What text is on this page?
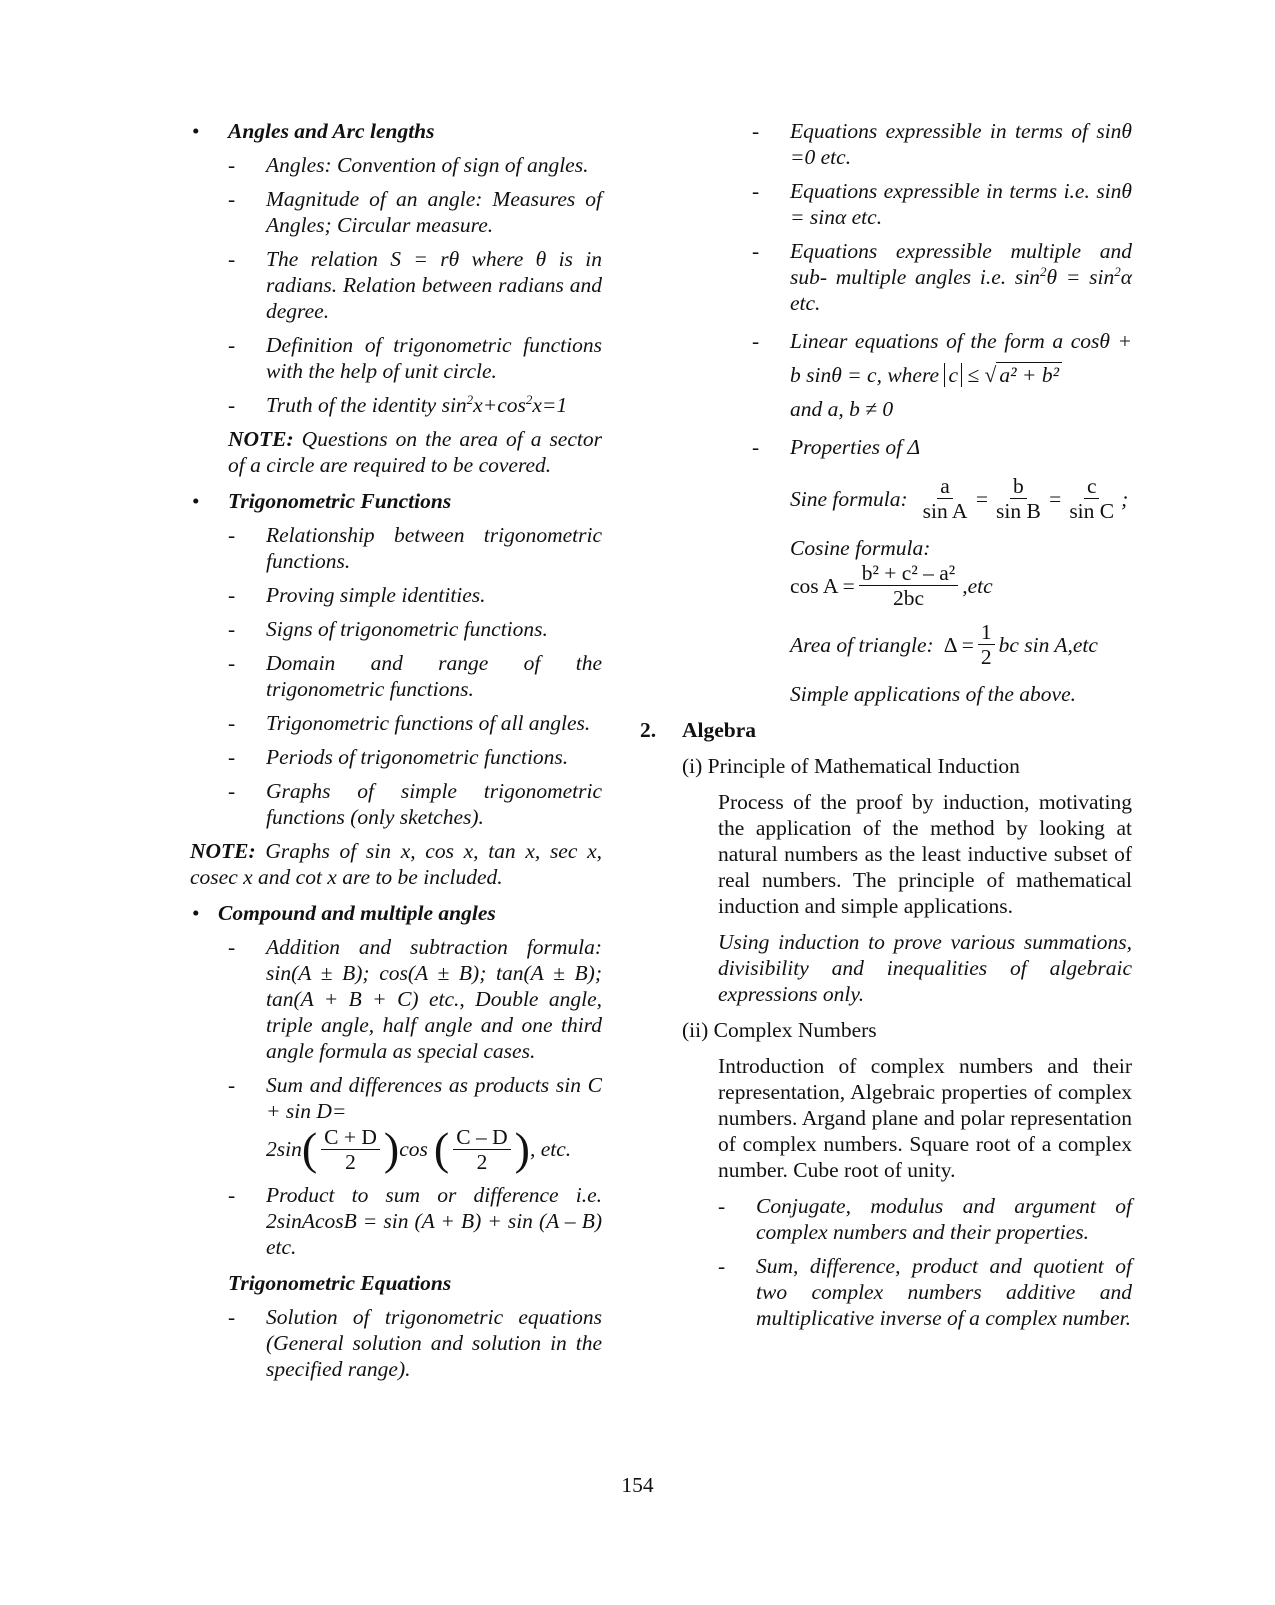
• Angles and Arc lengths
- Angles: Convention of sign of angles.
- Magnitude of an angle: Measures of Angles; Circular measure.
- The relation S = rθ where θ is in radians. Relation between radians and degree.
- Definition of trigonometric functions with the help of unit circle.
- Truth of the identity $\sin^2x+\cos^2x=1$
NOTE: Questions on the area of a sector of a circle are required to be covered.
• Trigonometric Functions
- Relationship between trigonometric functions.
- Proving simple identities.
- Signs of trigonometric functions.
- Domain and range of the trigonometric functions.
- Trigonometric functions of all angles.
- Periods of trigonometric functions.
- Graphs of simple trigonometric functions (only sketches).
NOTE: Graphs of sin x, cos x, tan x, sec x, cosec x and cot x are to be included.
• Compound and multiple angles
- Addition and subtraction formula: sin(A ± B); cos(A ± B); tan(A ± B); tan(A + B + C) etc., Double angle, triple angle, half angle and one third angle formula as special cases.
- Sum and differences as products sin C + sin D=
2sin ( $\frac{C + D}{2}$ ) cos ( $\frac{C - D}{2}$ ) , etc.
- Product to sum or difference i.e. 2sinAcosB = sin (A + B) + sin (A – B) etc.
Trigonometric Equations
- Solution of trigonometric equations (General solution and solution in the specified range).
- Equations expressible in terms of sinθ =0 etc.
- Equations expressible in terms i.e. sinθ = sinα etc.
- Equations expressible multiple and sub- multiple angles i.e. $\sin^2\theta = \sin^2\alpha$ etc.
- Linear equations of the form a cosθ + b sinθ = c, where c ≤ √ a² + b²
and a, b ≠ 0
- Properties of Δ
Sine formula: $\frac{a}{\text{sin A}} = \frac{b}{\text{sin B}} = \frac{c}{\text{sin C}}$ ;
Cosine formula:
$\cos A = \frac{\text{b² + c² – a²}}{2bc} ,etc$
Area of triangle: $\Delta = \frac{1}{2}$ bc sin A,etc
Simple applications of the above.
2. Algebra
(i) Principle of Mathematical Induction
Process of the proof by induction, motivating the application of the method by looking at natural numbers as the least inductive subset of real numbers. The principle of mathematical induction and simple applications.
Using induction to prove various summations, divisibility and inequalities of algebraic expressions only.
(ii) Complex Numbers
Introduction of complex numbers and their representation, Algebraic properties of complex numbers. Argand plane and polar representation of complex numbers. Square root of a complex number. Cube root of unity.
- Conjugate, modulus and argument of complex numbers and their properties.
- Sum, difference, product and quotient of two complex numbers additive and multiplicative inverse of a complex number.
154
